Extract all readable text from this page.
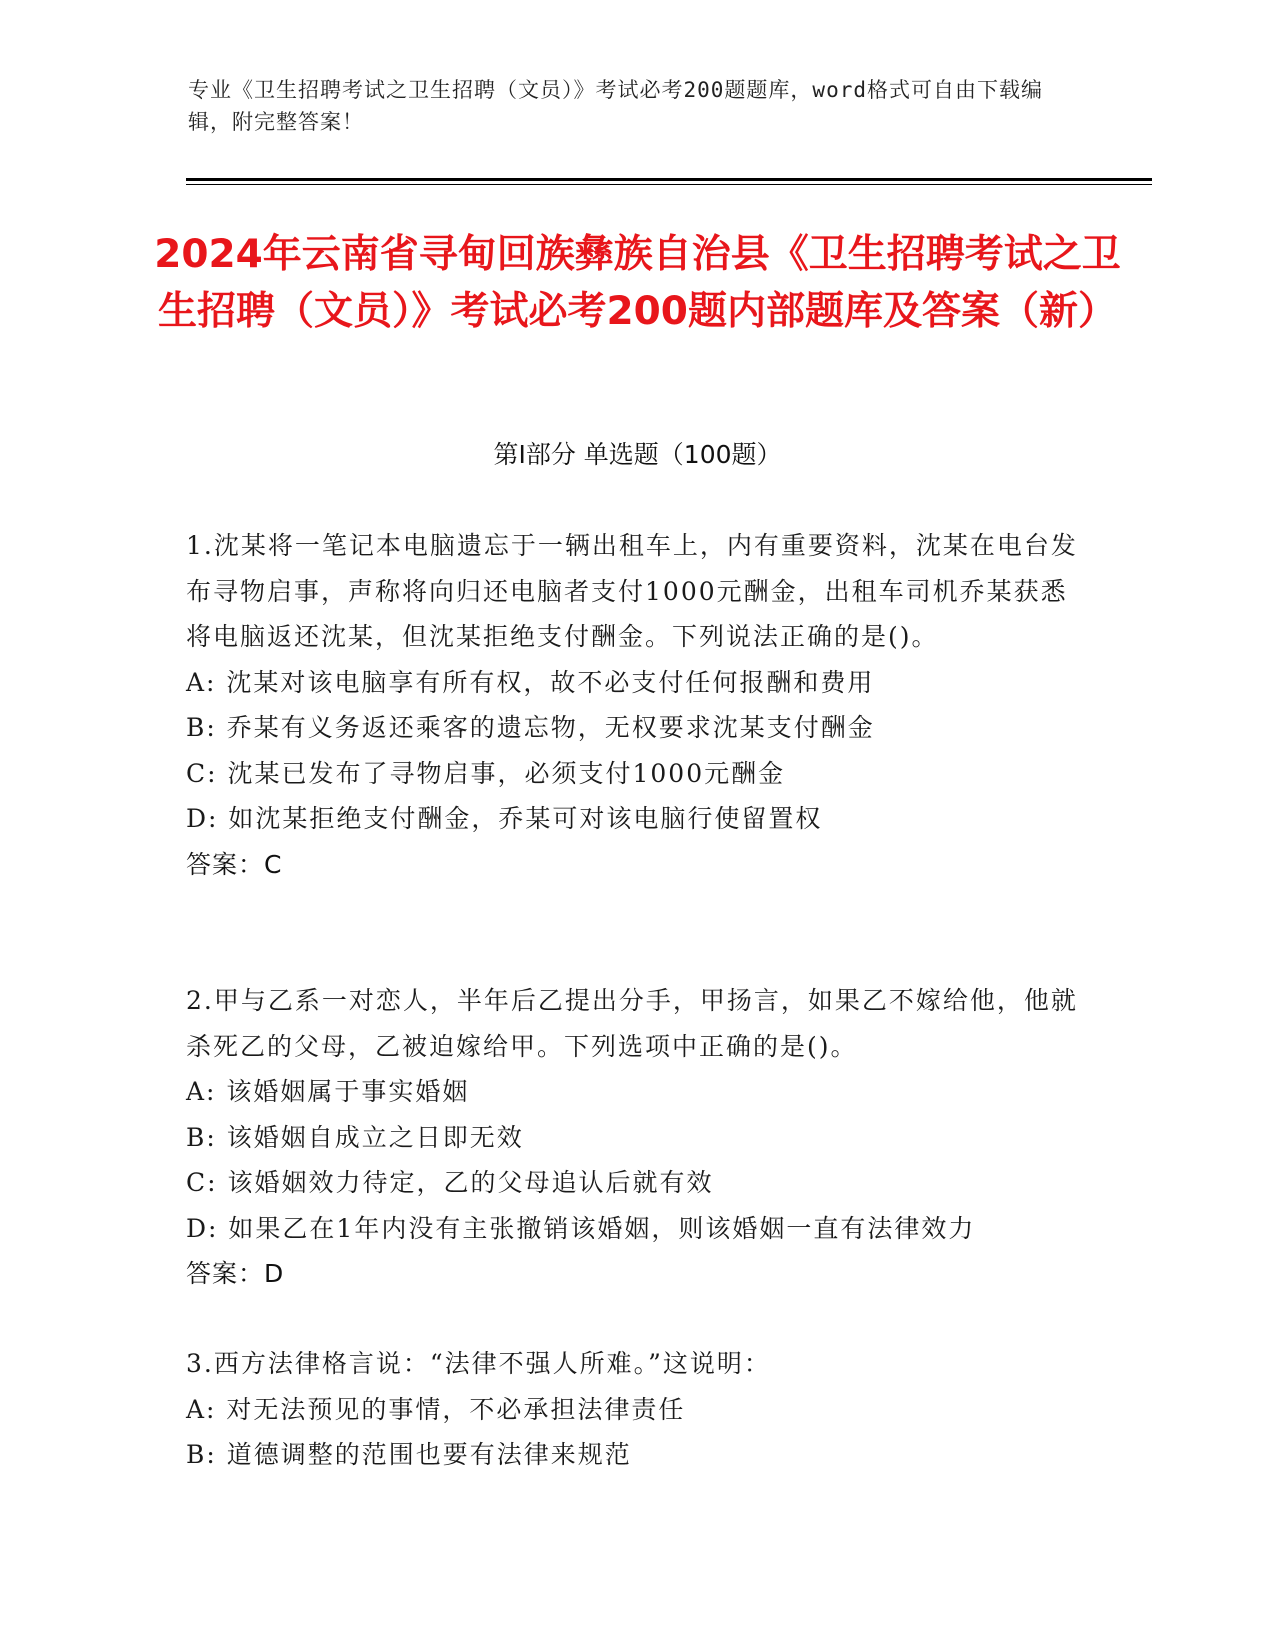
专业《卫生招聘考试之卫生招聘（文员）》考试必考200题题库，word格式可自由下载编辑，附完整答案！
2024年云南省寻甸回族彝族自治县《卫生招聘考试之卫生招聘（文员）》考试必考200题内部题库及答案（新）
第I部分 单选题（100题）

1.沈某将一笔记本电脑遗忘于一辆出租车上，内有重要资料，沈某在电台发布寻物启事，声称将向归还电脑者支付1000元酬金，出租车司机乔某获悉将电脑返还沈某，但沈某拒绝支付酬金。下列说法正确的是()。

A: 沈某对该电脑享有所有权，故不必支付任何报酬和费用

B: 乔某有义务返还乘客的遗忘物，无权要求沈某支付酬金

C: 沈某已发布了寻物启事，必须支付1000元酬金

D: 如沈某拒绝支付酬金，乔某可对该电脑行使留置权

答案：C

2.甲与乙系一对恋人，半年后乙提出分手，甲扬言，如果乙不嫁给他，他就杀死乙的父母，乙被迫嫁给甲。下列选项中正确的是()。

A: 该婚姻属于事实婚姻

B: 该婚姻自成立之日即无效

C: 该婚姻效力待定，乙的父母追认后就有效

D: 如果乙在1年内没有主张撤销该婚姻，则该婚姻一直有法律效力

答案：D

3.西方法律格言说：“法律不强人所难。”这说明：

A: 对无法预见的事情，不必承担法律责任

B: 道德调整的范围也要有法律来规范
